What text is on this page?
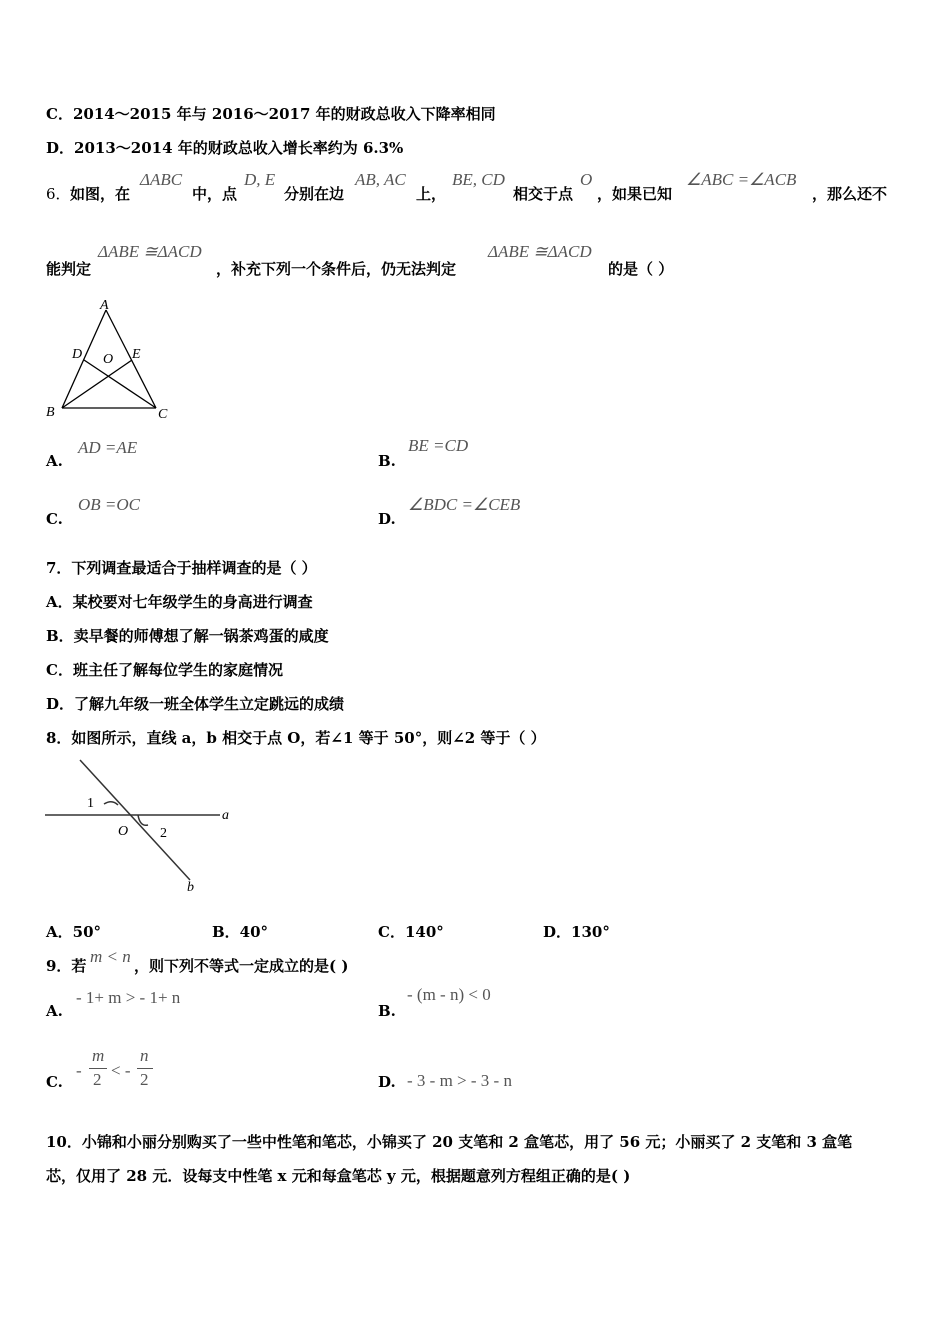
C．2014～2015 年与 2016～2017 年的财政总收入下降率相同
D．2013～2014 年的财政总收入增长率约为 6.3%
6． 如图，在
ΔABC
中，点
D, E
分别在边
AB, AC
上，
BE, CD
相交于点
O
，如果已知
∠ABC =∠ACB
，那么还不
能判定
ΔABE ≅ΔACD
，补充下列一个条件后，仍无法判定
ΔABE ≅ΔACD
的是（ ）
A
D O E
B	C
A.
AD =AE
B.
BE =CD
C.
OB =OC
D.
∠BDC =∠CEB
7．下列调查最适合于抽样调查的是（ ）
A．某校要对七年级学生的身高进行调查
B．卖早餐的师傅想了解一锅茶鸡蛋的咸度
C．班主任了解每位学生的家庭情况
D．了解九年级一班全体学生立定跳远的成绩
8．如图所示，直线 a，b 相交于点 O，若∠1 等于 50°，则∠2 等于（ ）
1
O 2
a
b
A．50°	B．40°	C．140°	D．130°
9．若 m < n ，则下列不等式一定成立的是( )
A.
- 1+ m > - 1+ n
B.
- (m - n) < 0
C.
-
m
2 < -
n
2	D. - 3 - m > - 3 - n
10．小锦和小丽分别购买了一些中性笔和笔芯，小锦买了 20 支笔和 2 盒笔芯，用了 56 元；小丽买了 2 支笔和 3 盒笔
芯，仅用了 28 元．设每支中性笔 x 元和每盒笔芯 y 元，根据题意列方程组正确的是( )
